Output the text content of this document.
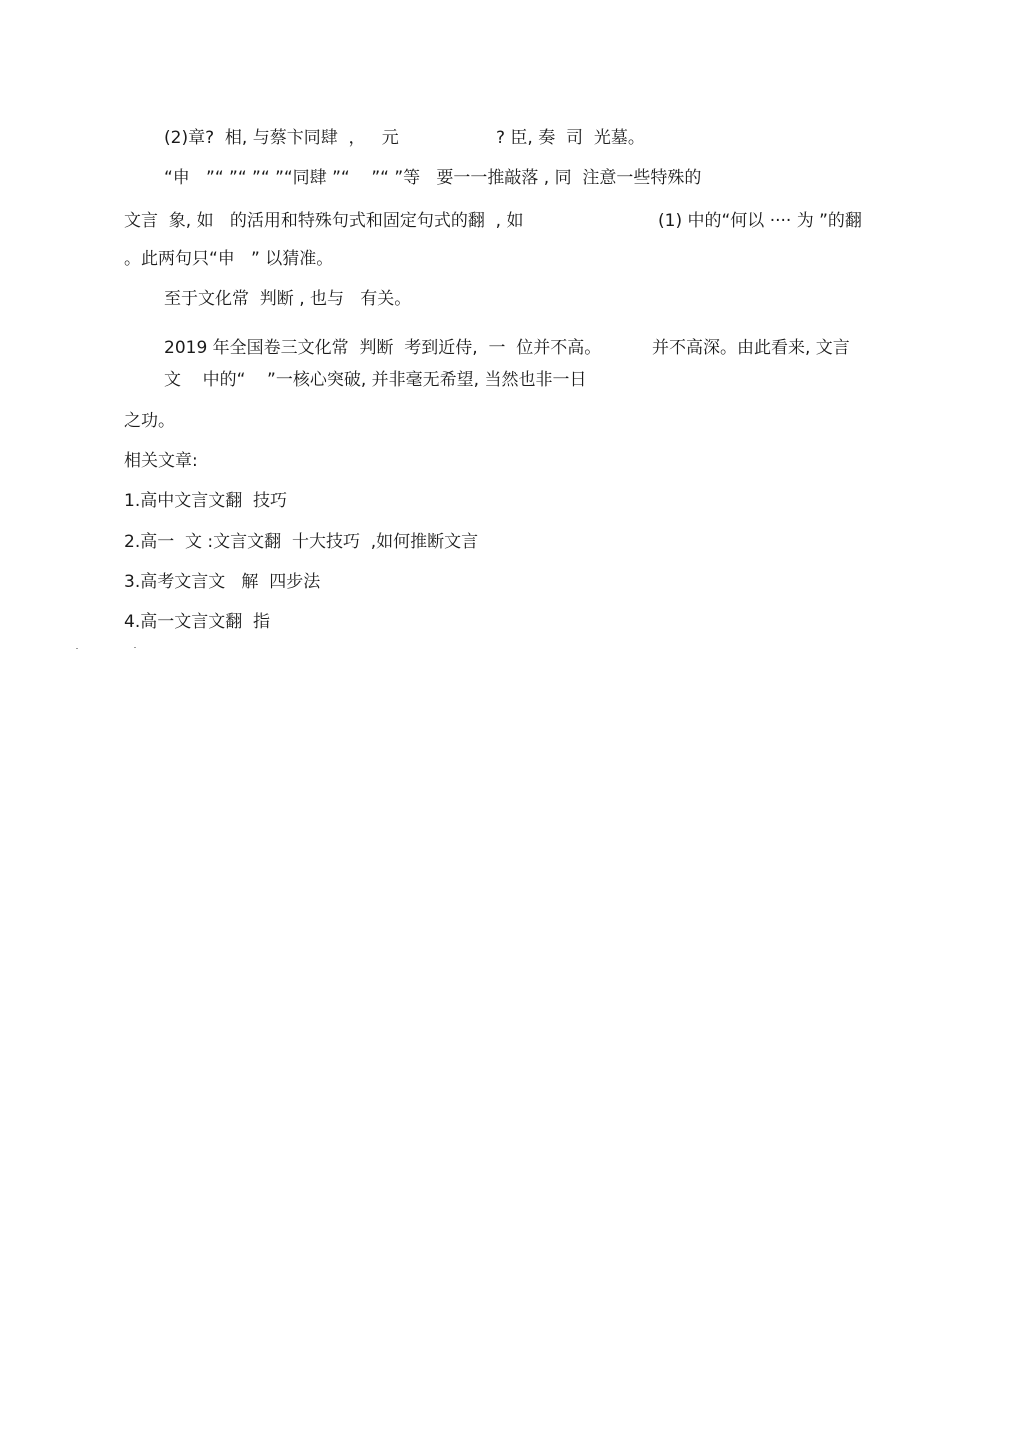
(2)章?  相, 与蔡卞同肆  ，   元                  ? 臣, 奏  司  光墓。
“申   ”“ ”“ ”“ ”“同肆 ”“    ”“ ”等   要一一推敲落 , 同  注意一些特殊的
文言  象, 如   的活用和特殊句式和固定句式的翻  , 如	(1) 中的“何以 ···· 为 ”的翻
。此两句只“申   ” 以猜准。
至于文化常  判断 , 也与   有关。
2019 年全国卷三文化常  判断  考到近侍,  一  位并不高。	并不高深。由此看来, 文言
文    中的“    ”一核心突破, 并非毫无希望, 当然也非一日
之功。
相关文章:
1.高中文言文翻  技巧
2.高一  文 :文言文翻  十大技巧  ,如何推断文言
3.高考文言文   解  四步法
4.高一文言文翻  指
